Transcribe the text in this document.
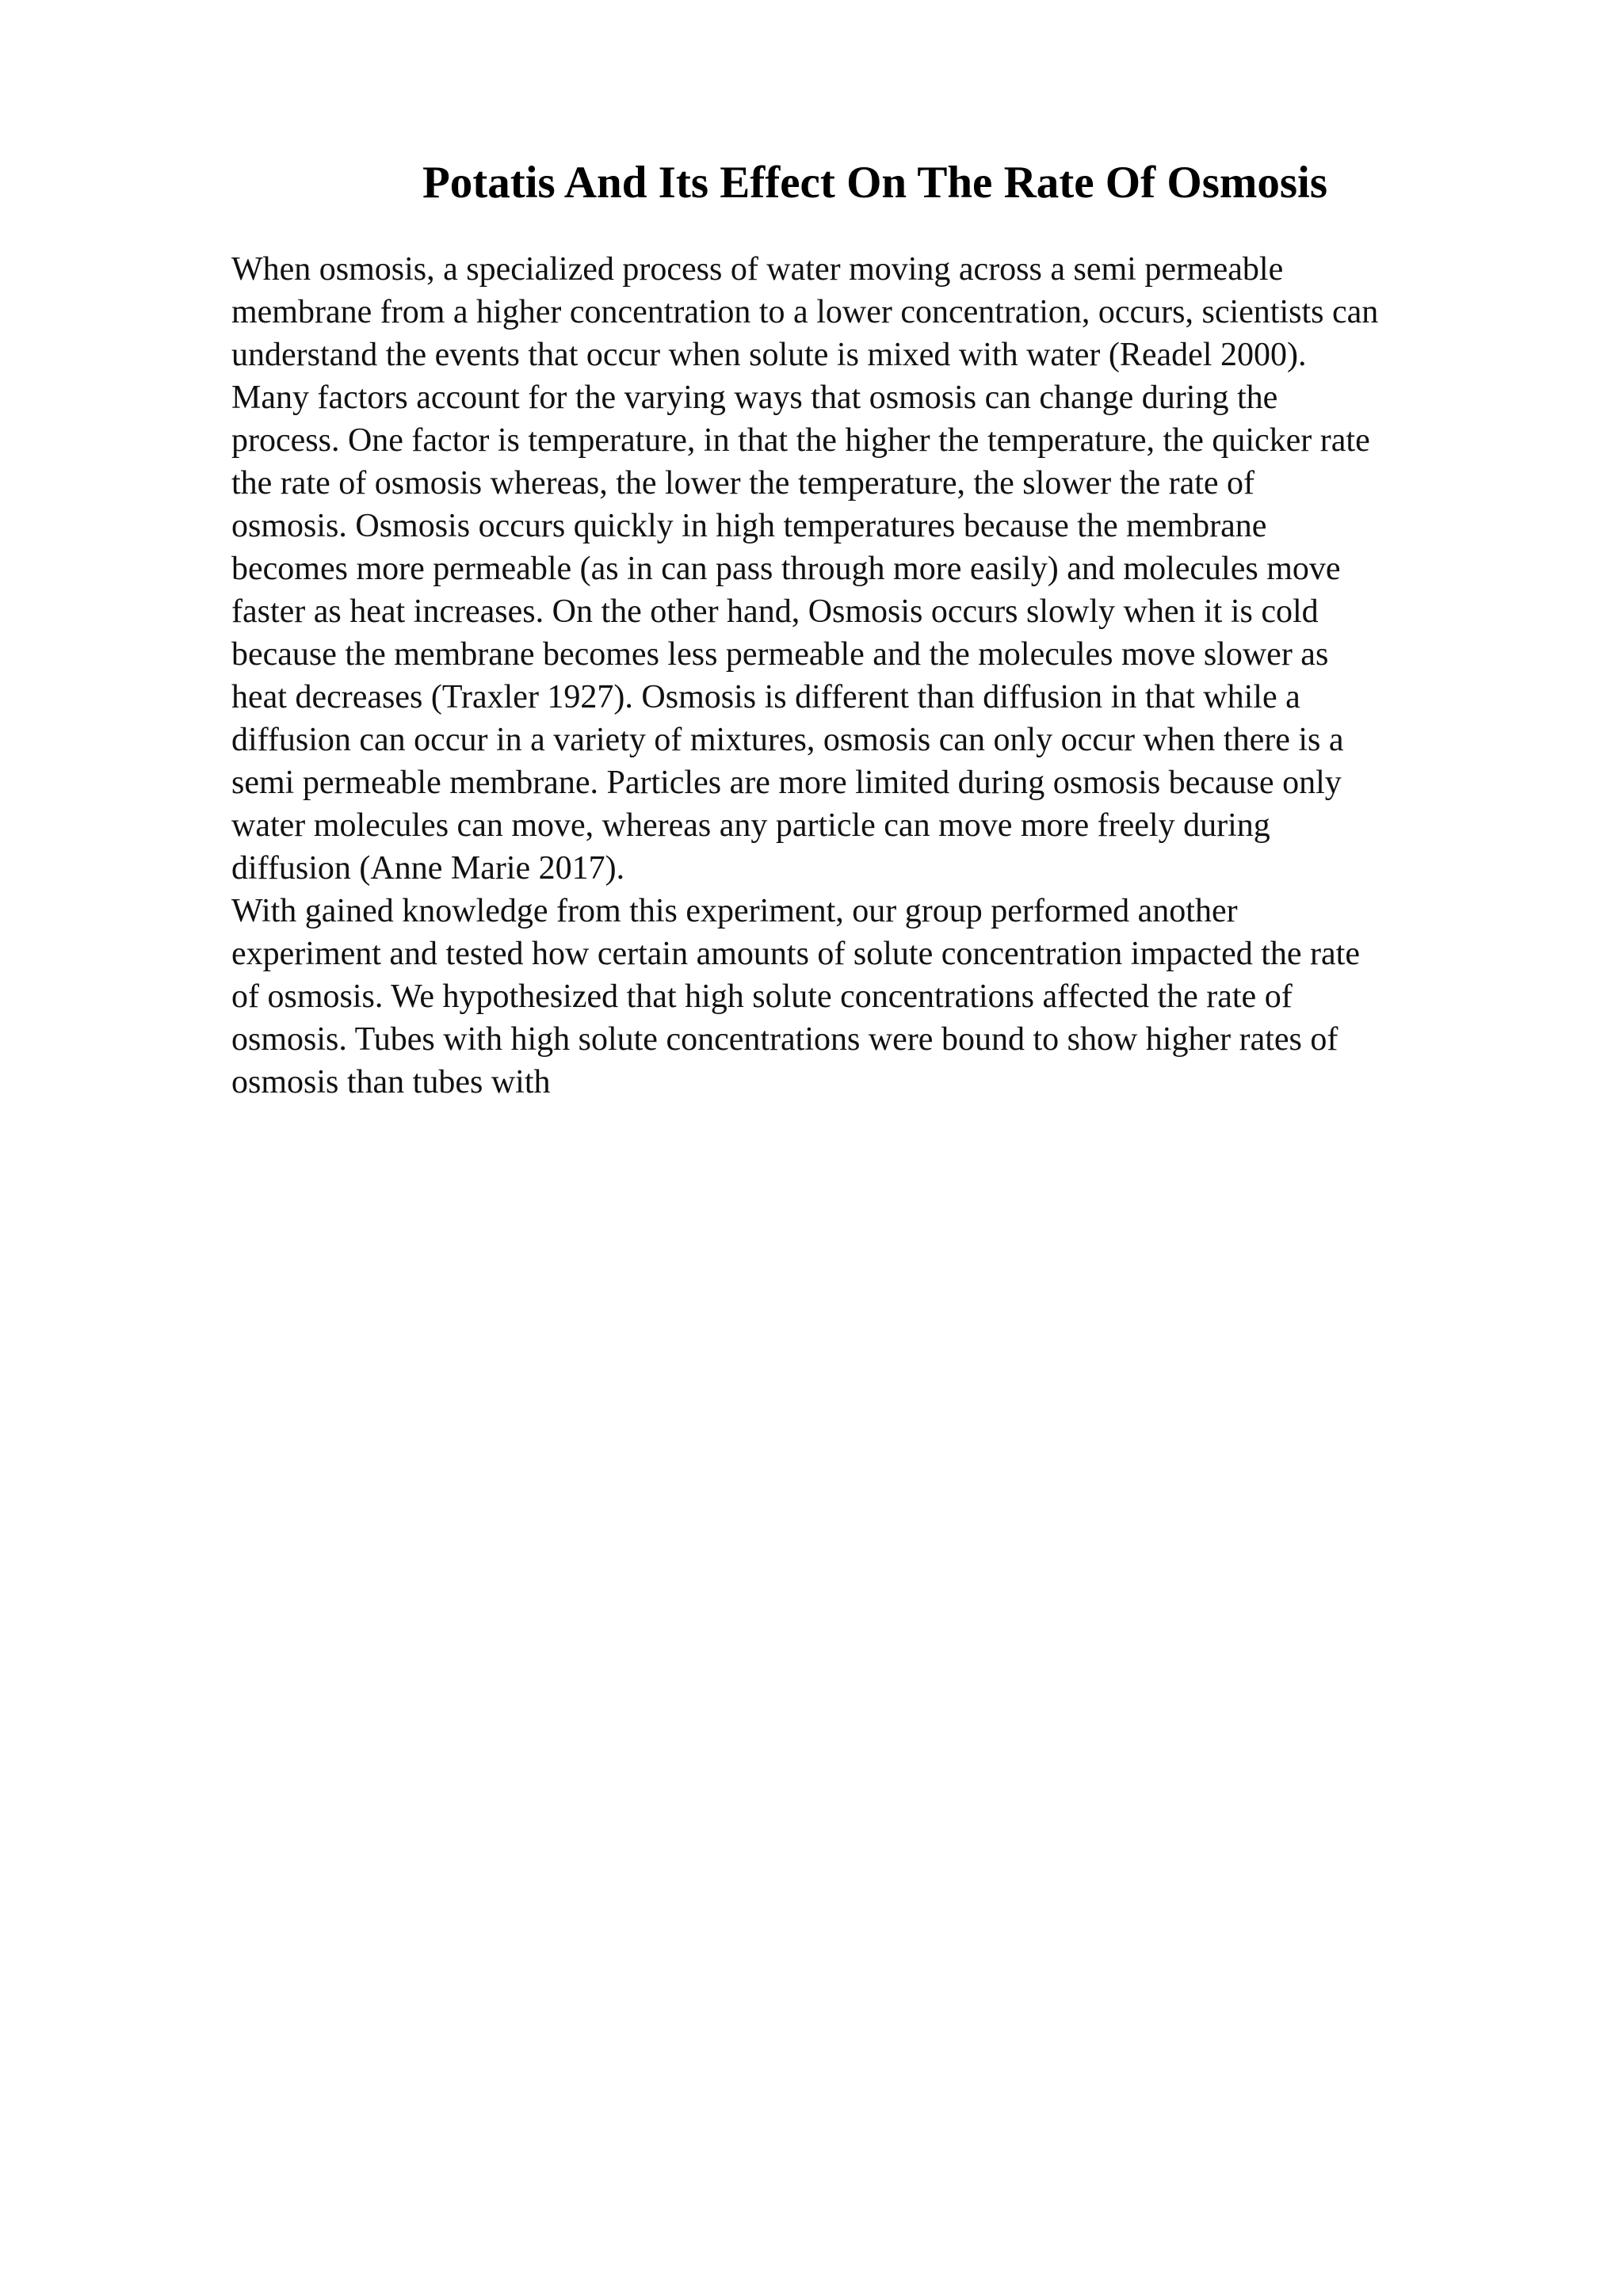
Potatis And Its Effect On The Rate Of Osmosis
When osmosis, a specialized process of water moving across a semi permeable
membrane from a higher concentration to a lower concentration, occurs, scientists can
understand the events that occur when solute is mixed with water (Readel 2000).
Many factors account for the varying ways that osmosis can change during the
process. One factor is temperature, in that the higher the temperature, the quicker rate
the rate of osmosis whereas, the lower the temperature, the slower the rate of
osmosis. Osmosis occurs quickly in high temperatures because the membrane
becomes more permeable (as in can pass through more easily) and molecules move
faster as heat increases. On the other hand, Osmosis occurs slowly when it is cold
because the membrane becomes less permeable and the molecules move slower as
heat decreases (Traxler 1927). Osmosis is different than diffusion in that while a
diffusion can occur in a variety of mixtures, osmosis can only occur when there is a
semi permeable membrane. Particles are more limited during osmosis because only
water molecules can move, whereas any particle can move more freely during
diffusion (Anne Marie 2017).
With gained knowledge from this experiment, our group performed another
experiment and tested how certain amounts of solute concentration impacted the rate
of osmosis. We hypothesized that high solute concentrations affected the rate of
osmosis. Tubes with high solute concentrations were bound to show higher rates of
osmosis than tubes with
